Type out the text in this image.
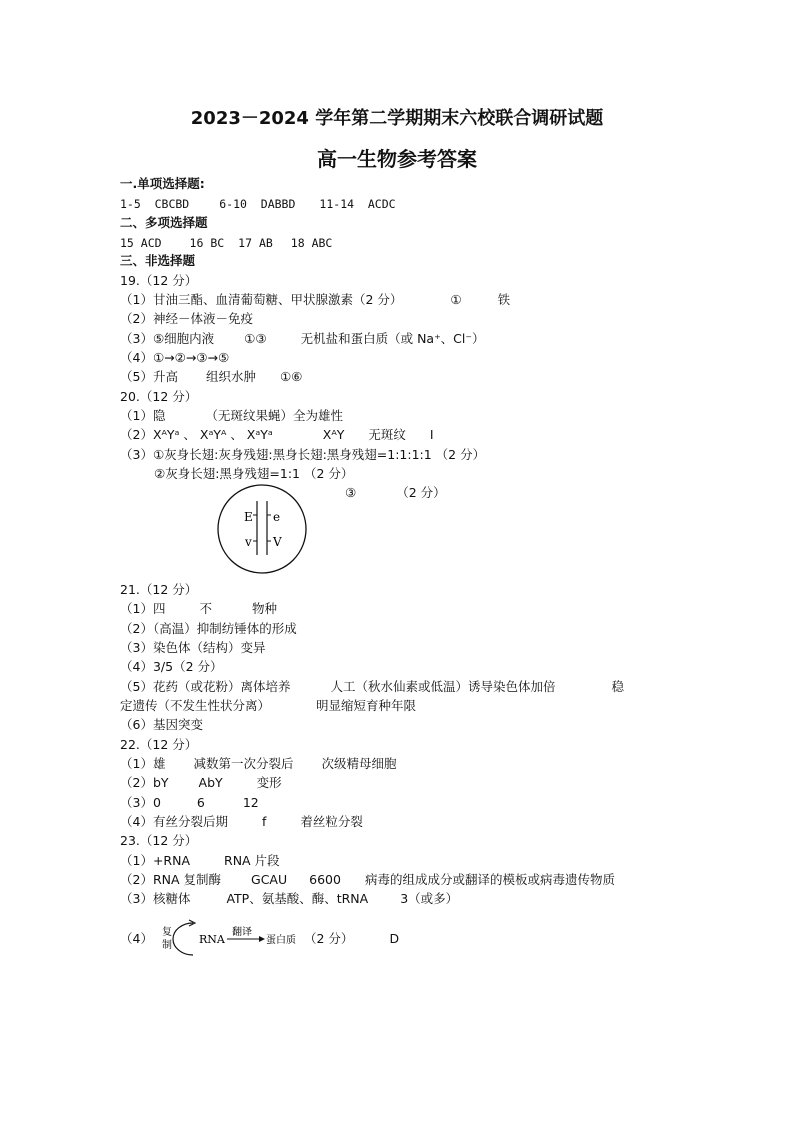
2023－2024 学年第二学期期末六校联合调研试题
高一生物参考答案
一.单项选择题:
1-5  CBCBD	6-10  DABBD 11-14  ACDC
二、多项选择题
15 ACD 16 BC 17 AB 18 ABC
三、非选择题
19.（12 分）
（1）甘油三酯、血清葡萄糖、甲状腺激素（2 分）	①	铁
（2）神经－体液－免疫
（3）⑤细胞内液 ①③	无机盐和蛋白质（或 Na⁺、Cl⁻）
（4）①→②→③→⑤
（5）升高 组织水肿 ①⑥
20.（12 分）
（1）隐	（无斑纹果蝇）全为雄性
（2）XᴬYᵃ 、 XᵃYᴬ 、 XᵃYᵃ	XᴬY 无斑纹 I
（3）①灰身长翅:灰身残翅:黑身长翅:黑身残翅=1:1:1:1 （2 分）
②灰身长翅:黑身残翅=1:1 （2 分）
③	（2 分）
E e
v V
21.（12 分）
（1）四	不	物种
（2）（高温）抑制纺锤体的形成
（3）染色体（结构）变异
（4）3/5（2 分）
（5）花药（或花粉）离体培养	人工（秋水仙素或低温）诱导染色体加倍	稳
定遗传（不发生性状分离）	明显缩短育种年限
（6）基因突变
22.（12 分）
（1）雄 减数第一次分裂后 次级精母细胞
（2）bY AbY	变形
（3）0	6	12
（4）有丝分裂后期	f	着丝粒分裂
23.（12 分）
（1）+RNA	RNA 片段
（2）RNA 复制酶 GCAU 6600 病毒的组成成分或翻译的模板或病毒遗传物质
（3）核糖体	ATP、氨基酸、酶、tRNA	3（或多）
（4） 复
制 RNA
翻译
蛋白质 （2 分）	D
